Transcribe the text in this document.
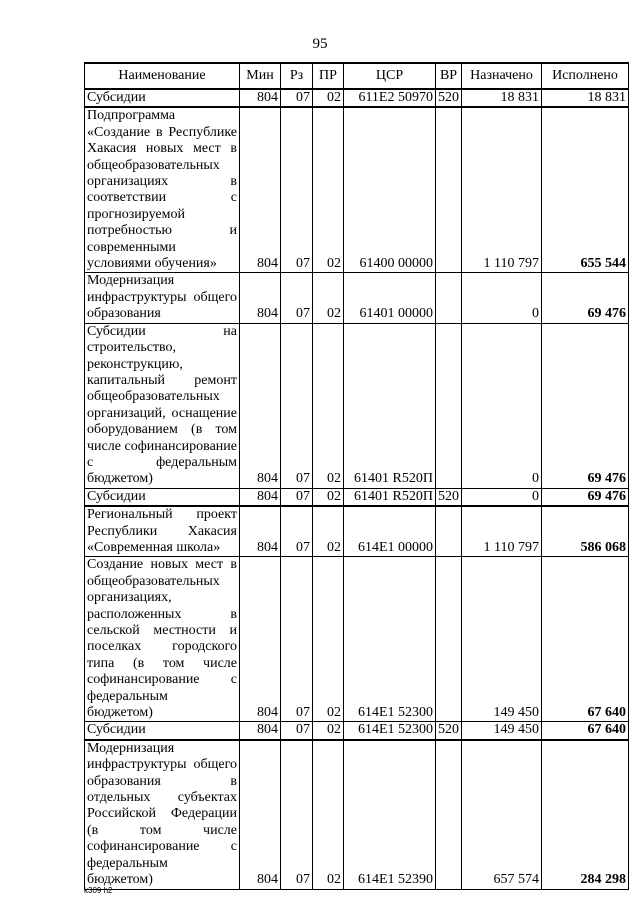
95
Наименование	Мин	Рз	ПР	ЦСР	ВР	Назначено	Исполнено
Субсидии	804	07	02	611E2 50970	520	18 831	18 831
Подпрограмма «Создание в Республике Хакасия новых мест в общеобразовательных организациях в соответствии с прогнозируемой потребностью и современными условиями обучения»	804	07	02	61400 00000		1 110 797	655 544
Модернизация инфраструктуры общего образования	804	07	02	61401 00000		0	69 476
Субсидии на строительство, реконструкцию, капитальный ремонт общеобразовательных организаций, оснащение оборудованием (в том числе софинансирование с федеральным бюджетом)	804	07	02	61401 R520П		0	69 476
Субсидии	804	07	02	61401 R520П	520	0	69 476
Региональный проект Республики Хакасия «Современная школа»	804	07	02	614E1 00000		1 110 797	586 068
Создание новых мест в общеобразовательных организациях, расположенных в сельской местности и поселках городского типа (в том числе софинансирование с федеральным бюджетом)	804	07	02	614E1 52300		149 450	67 640
Субсидии	804	07	02	614E1 52300	520	149 450	67 640
Модернизация инфраструктуры общего образования в отдельных субъектах Российской Федерации (в том числе софинансирование с федеральным бюджетом)	804	07	02	614E1 52390		657 574	284 298
k309 h2
